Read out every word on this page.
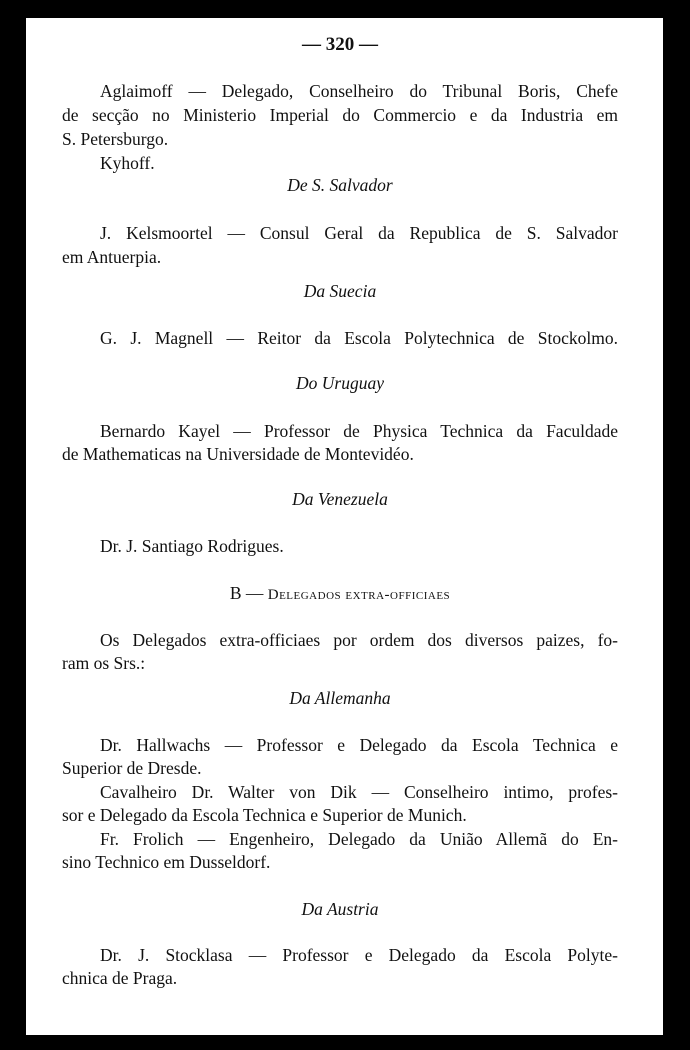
— 320 —
Aglaimoff — Delegado, Conselheiro do Tribunal Boris, Chefe
de secção no Ministerio Imperial do Commercio e da Industria em
S. Petersburgo.
Kyhoff.
De S. Salvador
J. Kelsmoortel — Consul Geral da Republica de S. Salvador
em Antuerpia.
Da Suecia
G. J. Magnell — Reitor da Escola Polytechnica de Stockolmo.
Do Uruguay
Bernardo Kayel — Professor de Physica Technica da Faculdade
de Mathematicas na Universidade de Montevidéo.
Da Venezuela
Dr. J. Santiago Rodrigues.
B — Delegados extra-officiaes
Os Delegados extra-officiaes por ordem dos diversos paizes, fo-
ram os Srs.:
Da Allemanha
Dr. Hallwachs — Professor e Delegado da Escola Technica e
Superior de Dresde.
Cavalheiro Dr. Walter von Dik — Conselheiro intimo, profes-
sor e Delegado da Escola Technica e Superior de Munich.
Fr. Frolich — Engenheiro, Delegado da União Allemã do En-
sino Technico em Dusseldorf.
Da Austria
Dr. J. Stocklasa — Professor e Delegado da Escola Polyte-
chnica de Praga.
